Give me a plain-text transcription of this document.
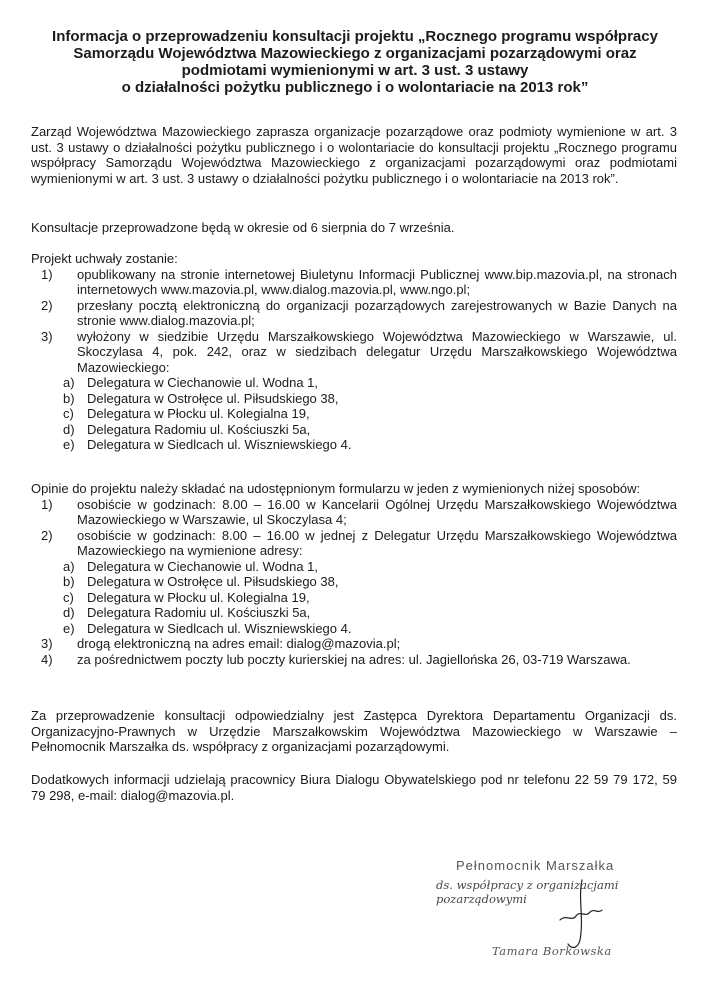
Informacja o przeprowadzeniu konsultacji projektu „Rocznego programu współpracy
Samorządu Województwa Mazowieckiego z organizacjami pozarządowymi oraz
podmiotami wymienionymi w art. 3 ust. 3 ustawy
o działalności pożytku publicznego i o wolontariacie na 2013 rok”

Zarząd Województwa Mazowieckiego zaprasza organizacje pozarządowe oraz podmioty wymienione w art. 3 ust. 3 ustawy o działalności pożytku publicznego i o wolontariacie do konsultacji projektu „Rocznego programu współpracy Samorządu Województwa Mazowieckiego z organizacjami pozarządowymi oraz podmiotami wymienionymi w art. 3 ust. 3 ustawy o działalności pożytku publicznego i o wolontariacie na 2013 rok”.

Konsultacje przeprowadzone będą w okresie od 6 sierpnia do 7 września.

Projekt uchwały zostanie:

1) opublikowany na stronie internetowej Biuletynu Informacji Publicznej www.bip.mazovia.pl, na stronach internetowych www.mazovia.pl, www.dialog.mazovia.pl, www.ngo.pl;
2) przesłany pocztą elektroniczną do organizacji pozarządowych zarejestrowanych w Bazie Danych na stronie www.dialog.mazovia.pl;
3) wyłożony w siedzibie Urzędu Marszałkowskiego Województwa Mazowieckiego w Warszawie, ul. Skoczylasa 4, pok. 242, oraz w siedzibach delegatur Urzędu Marszałkowskiego Województwa Mazowieckiego:
a) Delegatura w Ciechanowie ul. Wodna 1,
b) Delegatura w Ostrołęce ul. Piłsudskiego 38,
c) Delegatura w Płocku ul. Kolegialna 19,
d) Delegatura Radomiu ul. Kościuszki 5a,
e) Delegatura w Siedlcach ul. Wiszniewskiego 4.

Opinie do projektu należy składać na udostępnionym formularzu w jeden z wymienionych niżej sposobów:

1) osobiście w godzinach: 8.00 – 16.00 w Kancelarii Ogólnej Urzędu Marszałkowskiego Województwa Mazowieckiego w Warszawie, ul Skoczylasa 4;
2) osobiście w godzinach: 8.00 – 16.00 w jednej z Delegatur Urzędu Marszałkowskiego Województwa Mazowieckiego na wymienione adresy:
a) Delegatura w Ciechanowie ul. Wodna 1,
b) Delegatura w Ostrołęce ul. Piłsudskiego 38,
c) Delegatura w Płocku ul. Kolegialna 19,
d) Delegatura Radomiu ul. Kościuszki 5a,
e) Delegatura w Siedlcach ul. Wiszniewskiego 4.
3) drogą elektroniczną na adres email: dialog@mazovia.pl;
4) za pośrednictwem poczty lub poczty kurierskiej na adres: ul. Jagiellońska 26, 03-719 Warszawa.

Za przeprowadzenie konsultacji odpowiedzialny jest Zastępca Dyrektora Departamentu Organizacji ds. Organizacyjno-Prawnych w Urzędzie Marszałkowskim Województwa Mazowieckiego w Warszawie – Pełnomocnik Marszałka ds. współpracy z organizacjami pozarządowymi.

Dodatkowych informacji udzielają pracownicy Biura Dialogu Obywatelskiego pod nr telefonu 22 59 79 172, 59 79 298, e-mail: dialog@mazovia.pl.

Pełnomocnik Marszałka
ds. współpracy z organizacjami pozarządowymi
Tamara Borkowska
